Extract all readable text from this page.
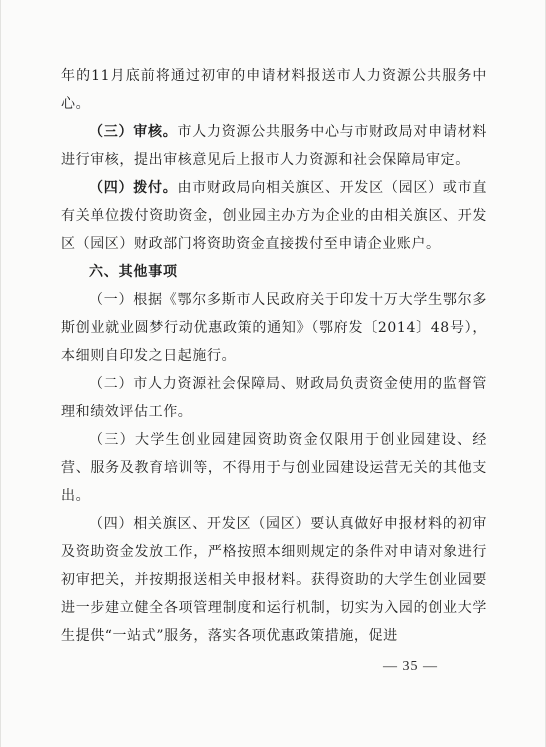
年的11月底前将通过初审的申请材料报送市人力资源公共服务中心。

（三）审核。市人力资源公共服务中心与市财政局对申请材料进行审核，提出审核意见后上报市人力资源和社会保障局审定。

（四）拨付。由市财政局向相关旗区、开发区（园区）或市直有关单位拨付资助资金，创业园主办方为企业的由相关旗区、开发区（园区）财政部门将资助资金直接拨付至申请企业账户。

六、其他事项

（一）根据《鄂尔多斯市人民政府关于印发十万大学生鄂尔多斯创业就业圆梦行动优惠政策的通知》（鄂府发〔2014〕48号），本细则自印发之日起施行。

（二）市人力资源社会保障局、财政局负责资金使用的监督管理和绩效评估工作。

（三）大学生创业园建园资助资金仅限用于创业园建设、经营、服务及教育培训等，不得用于与创业园建设运营无关的其他支出。

（四）相关旗区、开发区（园区）要认真做好申报材料的初审及资助资金发放工作，严格按照本细则规定的条件对申请对象进行初审把关，并按期报送相关申报材料。获得资助的大学生创业园要进一步建立健全各项管理制度和运行机制，切实为入园的创业大学生提供“一站式”服务，落实各项优惠政策措施，促进

— 35 —
